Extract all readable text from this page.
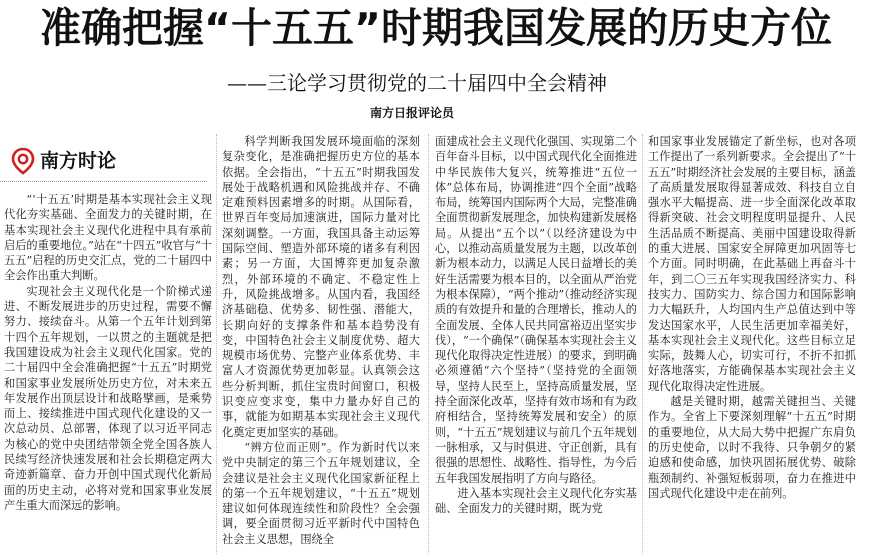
准确把握“十五五”时期我国发展的历史方位
——三论学习贯彻党的二十届四中全会精神
南方日报评论员
南方时论

“‘十五五’时期是基本实现社会主义现代化夯实基础、全面发力的关键时期，在基本实现社会主义现代化进程中具有承前启后的重要地位。”站在“十四五”收官与“十五五”启程的历史交汇点，党的二十届四中全会作出重大判断。

实现社会主义现代化是一个阶梯式递进、不断发展进步的历史过程，需要不懈努力、接续奋斗。从第一个五年计划到第十四个五年规划，一以贯之的主题就是把我国建设成为社会主义现代化国家。党的二十届四中全会准确把握“十五五”时期党和国家事业发展所处历史方位，对未来五年发展作出顶层设计和战略擘画，是乘势而上、接续推进中国式现代化建设的又一次总动员、总部署，体现了以习近平同志为核心的党中央团结带领全党全国各族人民续写经济快速发展和社会长期稳定两大奇迹新篇章、奋力开创中国式现代化新局面的历史主动，必将对党和国家事业发展产生重大而深远的影响。

科学判断我国发展环境面临的深刻复杂变化，是准确把握历史方位的基本依据。全会指出，“十五五”时期我国发展处于战略机遇和风险挑战并存、不确定难预料因素增多的时期。从国际看，世界百年变局加速演进，国际力量对比深刻调整。一方面，我国具备主动运筹国际空间、塑造外部环境的诸多有利因素；另一方面，大国博弈更加复杂激烈，外部环境的不确定、不稳定性上升，风险挑战增多。从国内看，我国经济基础稳、优势多、韧性强、潜能大，长期向好的支撑条件和基本趋势没有变，中国特色社会主义制度优势、超大规模市场优势、完整产业体系优势、丰富人才资源优势更加彰显。认真领会这些分析判断，抓住宝贵时间窗口，积极识变应变求变，集中力量办好自己的事，就能为如期基本实现社会主义现代化奠定更加坚实的基础。

“辨方位而正则”。作为新时代以来党中央制定的第三个五年规划建议，全会建议是社会主义现代化国家新征程上的第一个五年规划建议，“十五五”规划建议如何体现连续性和阶段性？全会强调，要全面贯彻习近平新时代中国特色社会主义思想，围绕全

面建成社会主义现代化强国、实现第二个百年奋斗目标，以中国式现代化全面推进中华民族伟大复兴，统筹推进“五位一体”总体布局，协调推进“四个全面”战略布局，统筹国内国际两个大局，完整准确全面贯彻新发展理念，加快构建新发展格局。从提出“五个以”（以经济建设为中心，以推动高质量发展为主题，以改革创新为根本动力，以满足人民日益增长的美好生活需要为根本目的，以全面从严治党为根本保障），“两个推动”（推动经济实现质的有效提升和量的合理增长，推动人的全面发展、全体人民共同富裕迈出坚实步伐），“一个确保”（确保基本实现社会主义现代化取得决定性进展）的要求，到明确必须遵循“六个坚持”（坚持党的全面领导，坚持人民至上，坚持高质量发展，坚持全面深化改革，坚持有效市场和有为政府相结合，坚持统筹发展和安全）的原则，“十五五”规划建议与前几个五年规划一脉相承，又与时俱进、守正创新，具有很强的思想性、战略性、指导性，为今后五年我国发展指明了方向与路径。

进入基本实现社会主义现代化夯实基础、全面发力的关键时期，既为党

和国家事业发展锚定了新坐标，也对各项工作提出了一系列新要求。全会提出了“十五五”时期经济社会发展的主要目标，涵盖了高质量发展取得显著成效、科技自立自强水平大幅提高、进一步全面深化改革取得新突破、社会文明程度明显提升、人民生活品质不断提高、美丽中国建设取得新的重大进展、国家安全屏障更加巩固等七个方面。同时明确，在此基础上再奋斗十年，到二〇三五年实现我国经济实力、科技实力、国防实力、综合国力和国际影响力大幅跃升，人均国内生产总值达到中等发达国家水平，人民生活更加幸福美好，基本实现社会主义现代化。这些目标立足实际，鼓舞人心，切实可行，不折不扣抓好落地落实，方能确保基本实现社会主义现代化取得决定性进展。

越是关键时期，越需关键担当、关键作为。全省上下要深刻理解“十五五”时期的重要地位，从大局大势中把握广东肩负的历史使命，以时不我待、只争朝夕的紧迫感和使命感，加快巩固拓展优势、破除瓶颈制约、补强短板弱项，奋力在推进中国式现代化建设中走在前列。
